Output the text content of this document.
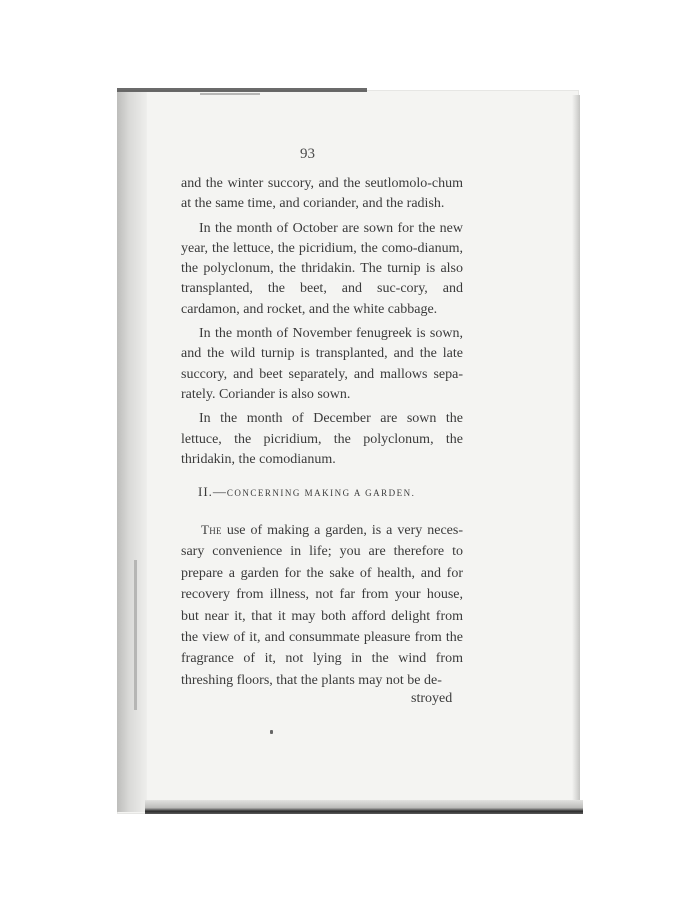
93

and the winter succory, and the seutlomolo-chum at the same time, and coriander, and the radish.

In the month of October are sown for the new year, the lettuce, the picridium, the como-dianum, the polyclonum, the thridakin. The turnip is also transplanted, the beet, and suc-cory, and cardamon, and rocket, and the white cabbage.

In the month of November fenugreek is sown, and the wild turnip is transplanted, and the late succory, and beet separately, and mallows sepa-rately. Coriander is also sown.

In the month of December are sown the lettuce, the picridium, the polyclonum, the thridakin, the comodianum.

II.—CONCERNING MAKING A GARDEN.

The use of making a garden, is a very neces-sary convenience in life; you are therefore to prepare a garden for the sake of health, and for recovery from illness, not far from your house, but near it, that it may both afford delight from the view of it, and consummate pleasure from the fragrance of it, not lying in the wind from threshing floors, that the plants may not be de-

stroyed
